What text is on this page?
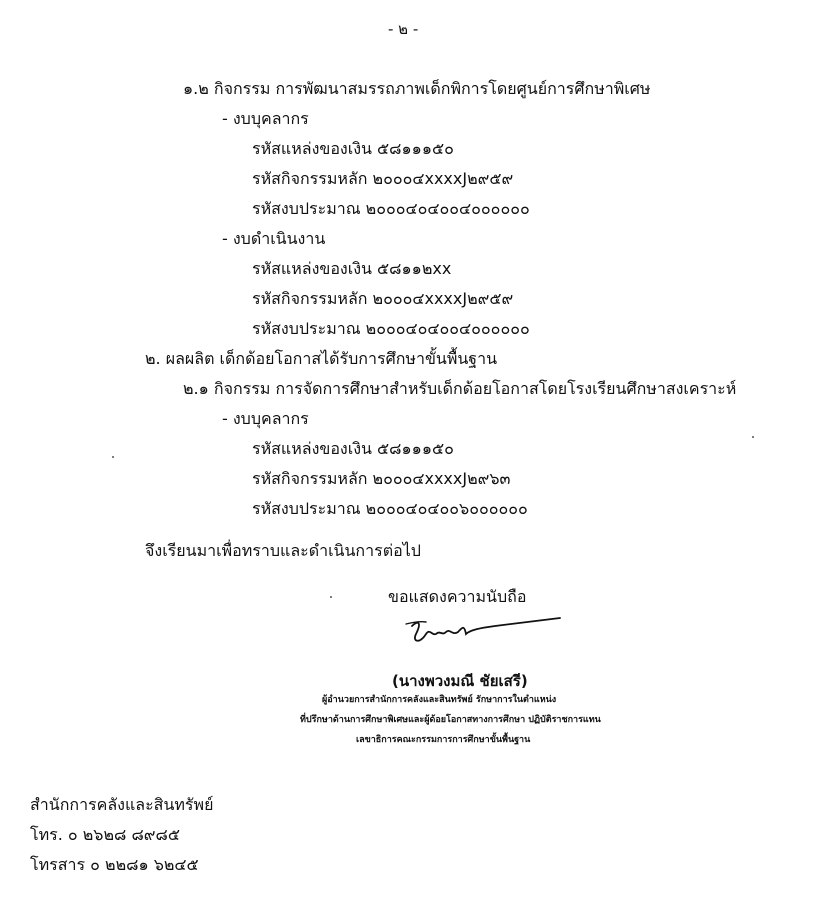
- ๒ -
๑.๒ กิจกรรม การพัฒนาสมรรถภาพเด็กพิการโดยศูนย์การศึกษาพิเศษ
- งบบุคลากร
รหัสแหล่งของเงิน ๕๘๑๑๑๕๐
รหัสกิจกรรมหลัก ๒๐๐๐๔xxxxJ๒๙๕๙
รหัสงบประมาณ ๒๐๐๐๔๐๔๐๐๔๐๐๐๐๐๐
- งบดำเนินงาน
รหัสแหล่งของเงิน ๕๘๑๑๒xx
รหัสกิจกรรมหลัก ๒๐๐๐๔xxxxJ๒๙๕๙
รหัสงบประมาณ ๒๐๐๐๔๐๔๐๐๔๐๐๐๐๐๐
๒. ผลผลิต เด็กด้อยโอกาสได้รับการศึกษาขั้นพื้นฐาน
๒.๑ กิจกรรม การจัดการศึกษาสำหรับเด็กด้อยโอกาสโดยโรงเรียนศึกษาสงเคราะห์
- งบบุคลากร
รหัสแหล่งของเงิน ๕๘๑๑๑๕๐
รหัสกิจกรรมหลัก ๒๐๐๐๔xxxxJ๒๙๖๓
รหัสงบประมาณ ๒๐๐๐๔๐๔๐๐๖๐๐๐๐๐๐
จึงเรียนมาเพื่อทราบและดำเนินการต่อไป
ขอแสดงความนับถือ
(นางพวงมณี ชัยเสรี)
ผู้อำนวยการสำนักการคลังและสินทรัพย์ รักษาการในตำแหน่ง
ที่ปรึกษาด้านการศึกษาพิเศษและผู้ด้อยโอกาสทางการศึกษา ปฏิบัติราชการแทน
เลขาธิการคณะกรรมการการศึกษาขั้นพื้นฐาน
สำนักการคลังและสินทรัพย์
โทร. ๐ ๒๖๒๘ ๘๙๘๕
โทรสาร ๐ ๒๒๘๑ ๖๒๔๕
